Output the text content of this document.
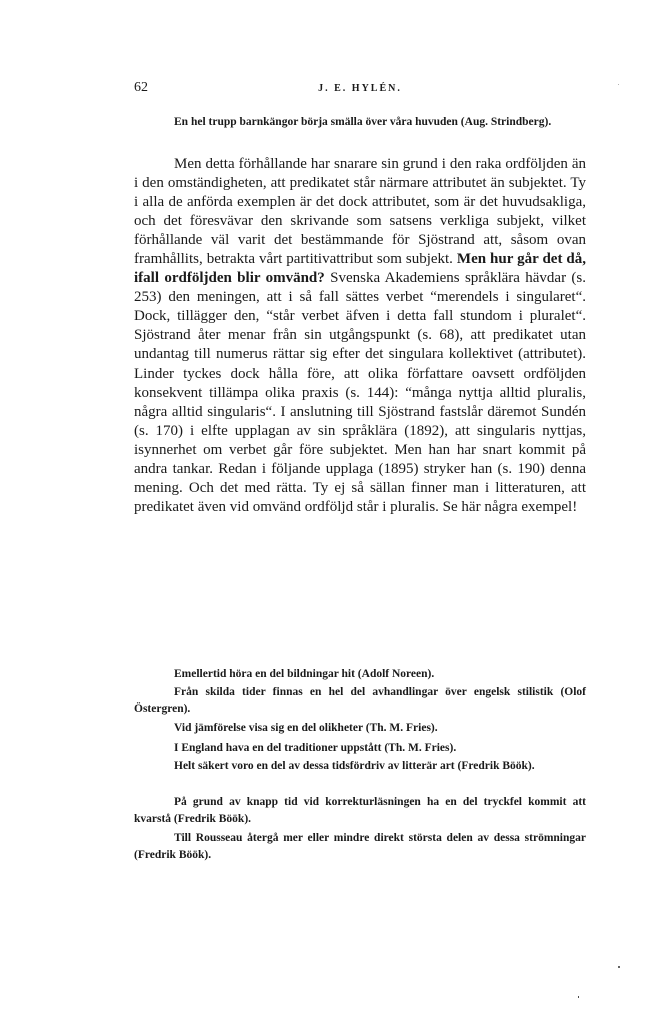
62	J. E. HYLÉN.

En hel trupp barnkängor börja smälla över våra huvuden (Aug. Strindberg).

Men detta förhållande har snarare sin grund i den raka ordföljden än i den omständigheten, att predikatet står närmare attributet än subjektet. Ty i alla de anförda exemplen är det dock attributet, som är det huvudsakliga, och det föresvävar den skrivande som satsens verkliga subjekt, vilket förhållande väl varit det bestämmande för Sjöstrand att, såsom ovan framhållits, betrakta vårt partitivattribut som subjekt. Men hur går det då, ifall ordföljden blir omvänd? Svenska Akademiens språklära hävdar (s. 253) den meningen, att i så fall sättes verbet “merendels i singularet“. Dock, tillägger den, “står verbet äfven i detta fall stundom i pluralet“. Sjöstrand åter menar från sin utgångspunkt (s. 68), att predikatet utan undantag till numerus rättar sig efter det singulara kollektivet (attributet). Linder tyckes dock hålla före, att olika författare oavsett ordföljden konsekvent tillämpa olika praxis (s. 144): “många nyttja alltid pluralis, några alltid singularis“. I anslutning till Sjöstrand fastslår däremot Sundén (s. 170) i elfte upplagan av sin språklära (1892), att singularis nyttjas, isynnerhet om verbet går före subjektet. Men han har snart kommit på andra tankar. Redan i följande upplaga (1895) stryker han (s. 190) denna mening. Och det med rätta. Ty ej så sällan finner man i litteraturen, att predikatet även vid omvänd ordföljd står i pluralis. Se här några exempel!

Emellertid höra en del bildningar hit (Adolf Noreen).

Från skilda tider finnas en hel del avhandlingar över engelsk stilistik (Olof Östergren).

Vid jämförelse visa sig en del olikheter (Th. M. Fries).

I England hava en del traditioner uppstått (Th. M. Fries).

Helt säkert voro en del av dessa tidsfördriv av litterär art (Fredrik Böök).

På grund av knapp tid vid korrekturläsningen ha en del tryckfel kommit att kvarstå (Fredrik Böök).

Till Rousseau återgå mer eller mindre direkt största delen av dessa strömningar (Fredrik Böök).
